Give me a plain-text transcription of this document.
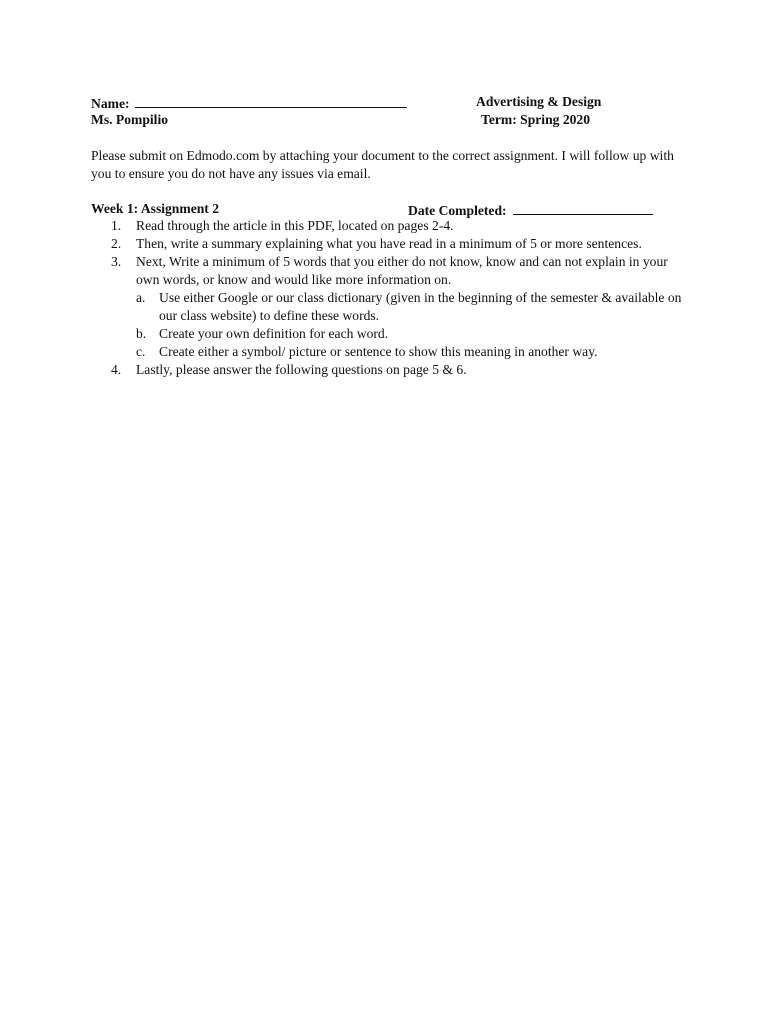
Name:
Ms. Pompilio
Advertising & Design
Term: Spring 2020
Please submit on Edmodo.com by attaching your document to the correct assignment. I will follow up with you to ensure you do not have any issues via email.
Week 1: Assignment 2	Date Completed:
1. Read through the article in this PDF, located on pages 2-4.
2. Then, write a summary explaining what you have read in a minimum of 5 or more sentences.
3. Next, Write a minimum of 5 words that you either do not know, know and can not explain in your own words, or know and would like more information on.
a. Use either Google or our class dictionary (given in the beginning of the semester & available on our class website) to define these words.
b. Create your own definition for each word.
c. Create either a symbol/ picture or sentence to show this meaning in another way.
4. Lastly, please answer the following questions on page 5 & 6.
